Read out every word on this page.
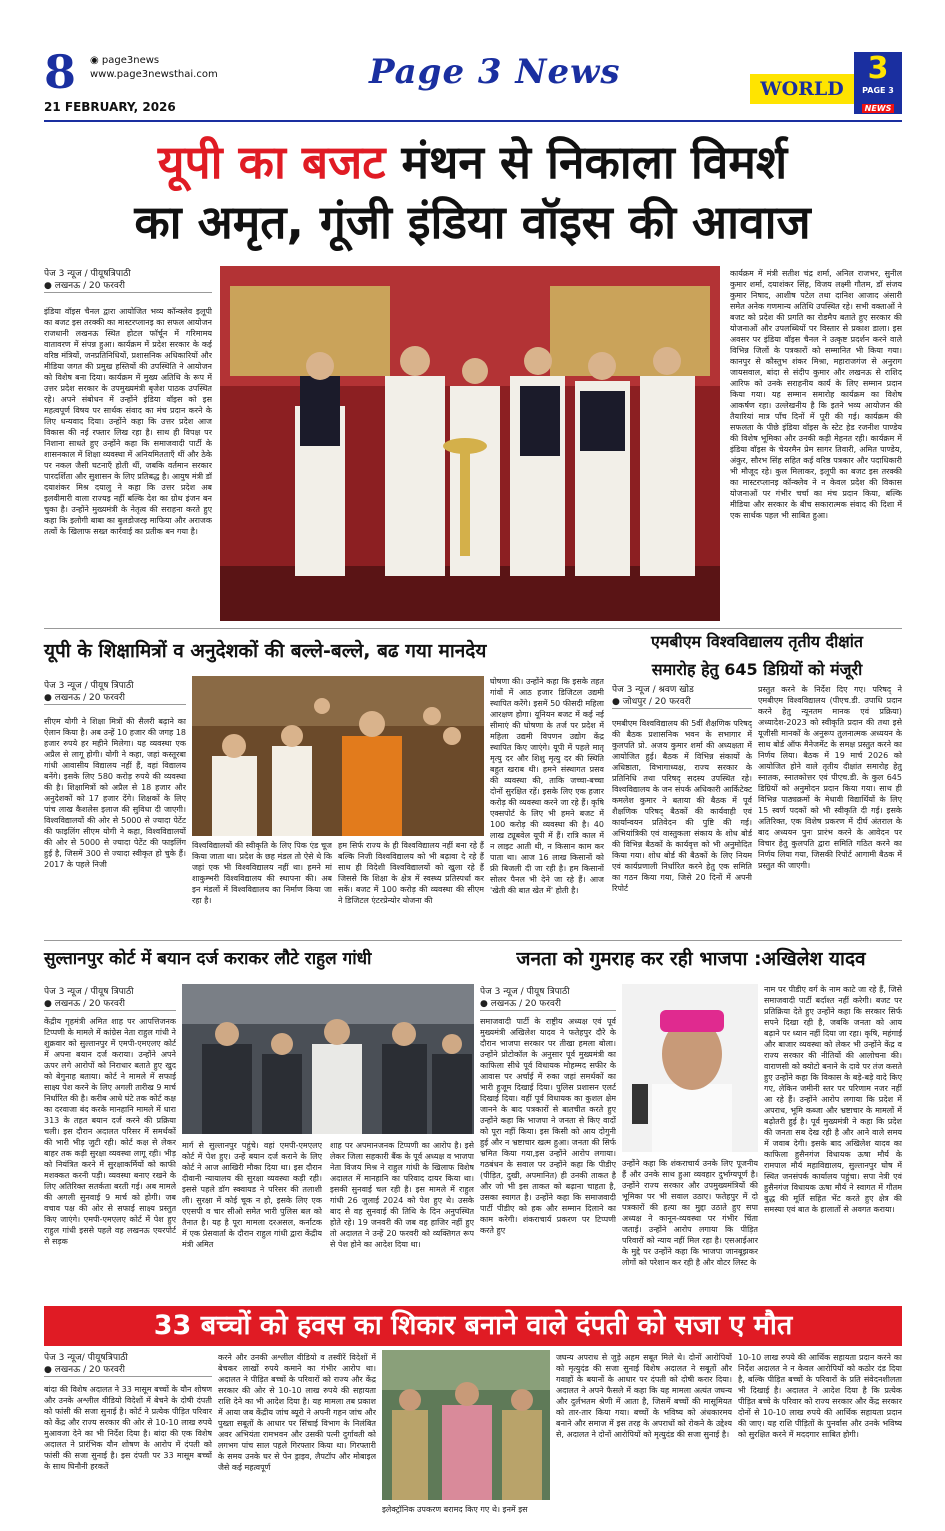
8 ◉ page3news
www.page3newsthai.com
21 FEBRUARY, 2026
Page 3 News	WORLD
3
PAGE 3
NEWS
यूपी का बजट मंथन से निकाला विमर्श
का अमृत, गूंजी इंडिया वॉइस की आवाज
पेज 3 न्यूज / पीयूषत्रिपाठी
● लखनऊ / 20 फरवरी
इंडिया वॉइस चैनल द्वारा आयोजित भव्य कॉन्क्लेव इलूपी का बजट इस तरक्की का मास्टरप्लानइ का सफल आयोजन राजधानी लखनऊ स्थित होटल फॉर्चून में गरिमामय वातावरण में संपन्न हुआ। कार्यक्रम में प्रदेश सरकार के कई वरिष्ठ मंत्रियों, जनप्रतिनिधियों, प्रशासनिक अधिकारियों और मीडिया जगत की प्रमुख हस्तियों की उपस्थिति ने आयोजन को विशेष बना दिया। कार्यक्रम में मुख्य अतिथि के रूप में उत्तर प्रदेश सरकार के उपमुख्यमंत्री बृजेश पाठक उपस्थित रहे। अपने संबोधन में उन्होंने इंडिया वॉइस को इस महत्वपूर्ण विषय पर सार्थक संवाद का मंच प्रदान करने के लिए धन्यवाद दिया। उन्होंने कहा कि उत्तर प्रदेश आज विकास की नई रफ्तार लिख रहा है। साथ ही विपक्ष पर निशाना साधते हुए उन्होंने कहा कि समाजवादी पार्टी के शासनकाल में शिक्षा व्यवस्था में अनियमितताएँ थीं और ठेके पर नकल जैसी घटनाएँ होती थीं, जबकि वर्तमान सरकार पारदर्शिता और सुशासन के लिए प्रतिबद्ध है। आयुष मंत्री डॉ दयाशंकर मिश्र दयालु ने कहा कि उत्तर प्रदेश अब इलवीमारी वाला राज्यइ नहीं बल्कि देश का ग्रोथ इंजन बन चुका है। उन्होंने मुख्यमंत्री के नेतृत्व की सराहना करते हुए कहा कि इलोगी बाबा का बुलडोजरइ माफिया और अराजक तत्वों के खिलाफ सख्त कार्रवाई का प्रतीक बन गया है।
कार्यक्रम में मंत्री सतीश चंद्र शर्मा, अनिल राजभर, सुनील कुमार शर्मा, दयाशंकर सिंह, विजय लक्ष्मी गौतम, डॉ संजय कुमार निषाद, आशीष पटेल तथा दानिश आजाद अंसारी समेत अनेक गणमान्य अतिथि उपस्थित रहे। सभी वक्ताओं ने बजट को प्रदेश की प्रगति का रोडमैप बताते हुए सरकार की योजनाओं और उपलब्धियों पर विस्तार से प्रकाश डाला। इस अवसर पर इंडिया वॉइस चैनल ने उत्कृष्ट प्रदर्शन करने वाले विभिन्न जिलों के पत्रकारों को सम्मानित भी किया गया। कानपुर से कौस्तुभ शंकर मिश्रा, महाराजगंज से अनुराग जायसवाल, बांदा से संदीप कुमार और लखनऊ से राशिद आरिफ को उनके सराहनीय कार्य के लिए सम्मान प्रदान किया गया। यह सम्मान समारोह कार्यक्रम का विशेष आकर्षण रहा। उल्लेखनीय है कि इतने भव्य आयोजन की तैयारियां मात्र पाँच दिनों में पूरी की गई। कार्यक्रम की सफलता के पीछे इंडिया वॉइस के स्टेट हेड रजनीश पाण्डेय की विशेष भूमिका और उनकी कड़ी मेहनत रही। कार्यक्रम में इंडिया वॉइस के चेयरमैन प्रेम सागर तिवारी, अमित पाण्डेय, अंकुर, सौरभ सिंह सहित कई वरिष्ठ पत्रकार और पदाधिकारी भी मौजूद रहे। कुल मिलाकर, इलूपी का बजट इस तरक्की का मास्टरप्लानइ कॉन्क्लेव ने न केवल प्रदेश की विकास योजनाओं पर गंभीर चर्चा का मंच प्रदान किया, बल्कि मीडिया और सरकार के बीच सकारात्मक संवाद की दिशा में एक सार्थक पहल भी साबित हुआ।
यूपी के शिक्षामित्रों व अनुदेशकों की बल्ले-बल्ले, बढ गया मानदेय
पेज 3 न्यूज / पीयूष त्रिपाठी
● लखनऊ / 20 फरवरी
सीएम योगी ने शिक्षा मित्रों की सैलरी बढ़ाने का ऐलान किया है। अब उन्हें 10 हजार की जगह 18 हजार रुपये हर महीने मिलेगा। यह व्यवस्था एक अप्रैल से लागू होगी। योगी ने कहा, जहां कस्तूरबा गांधी आवासीय विद्यालय नहीं हैं, वहां विद्यालय बनेंगे। इसके लिए 580 करोड़ रुपये की व्यवस्था की है। शिक्षामित्रों को अप्रैल से 18 हजार और अनुदेशकों को 17 हजार देंगे। शिक्षकों के लिए पांच लाख कैशलेस इलाज की सुविधा दी जाएगी। विश्वविद्यालयों की ओर से 5000 से ज्यादा पेटेंट की फाइलिंग सीएम योगी ने कहा, विश्वविद्यालयों की ओर से 5000 से ज्यादा पेटेंट की फाइलिंग हुई है, जिसमें 300 से ज्यादा स्वीकृत हो चुके हैं। 2017 के पहले निजी
विश्वविद्यालयों की स्वीकृति के लिए पिक एंड चूज किया जाता था। प्रदेश के छह मंडल तो ऐसे थे कि जहां एक भी विश्वविद्यालय नहीं था। हमने मां शाकुम्भरी विश्वविद्यालय की स्थापना की। अब इन मंडलों में विश्वविद्यालय का निर्माण किया जा रहा है।
हम सिर्फ राज्य के ही विश्वविद्यालय नहीं बना रहे हैं बल्कि निजी विश्वविद्यालय को भी बढ़ावा दे रहे हैं साथ ही विदेशी विश्वविद्यालयों को खुला रहे हैं जिससे कि शिक्षा के क्षेत्र में स्वस्थ्य प्रतिस्पर्धा कर सकें। बजट में 100 करोड़ की व्यवस्था की सीएम ने डिजिटल एंटरप्रेन्योर योजना की
घोषणा की। उन्होंने कहा कि इसके तहत गांवों में आठ हजार डिजिटल उद्यमी स्थापित करेंगे। इसमें 50 फीसदी महिला आरक्षण होगा। यूनियन बजट में कई नई सीमाएं की घोषणा के तर्ज पर प्रदेश में महिला उद्यमी विपणन उद्योग केंद्र स्थापित किए जाएंगे। यूपी में पहले मातृ मृत्यु दर और शिशु मृत्यु दर की स्थिति बहुत खराब थी। हमने संस्थागत प्रसव की व्यवस्था की, ताकि जच्चा-बच्चा दोनों सुरक्षित रहें। इसके लिए एक हजार करोड़ की व्यवस्था करने जा रहे हैं। कृषि एक्सपोर्ट के लिए भी हमने बजट में 100 करोड़ की व्यवस्था की है। 40 लाख ट्यूबवेल यूपी में हैं। रात्रि काल में न लाइट आती थी, न किसान काम कर पाता था। आज 16 लाख किसानों को फ्री बिजली दी जा रही है। हम किसानों सोलर पैनल भी देने जा रहे हैं। आज 'खेती की बात खेत में' होती है।
एमबीएम विश्वविद्यालय तृतीय दीक्षांत
समारोह हेतु 645 डिग्रियों को मंजूरी
पेज 3 न्यूज / श्रवण खोड
● जोधपुर / 20 फरवरी
एमबीएम विश्वविद्यालय की 5वीं शैक्षणिक परिषद् की बैठक प्रशासनिक भवन के सभागार में कुलपति प्रो. अजय कुमार शर्मा की अध्यक्षता में आयोजित हुई। बैठक में विभिन्न संकायों के अधिष्ठाता, विभागाध्यक्ष, राज्य सरकार के प्रतिनिधि तथा परिषद् सदस्य उपस्थित रहे। विश्वविद्यालय के जन संपर्क अधिकारी आर्किटेक्ट कमलेश कुमार ने बताया की बैठक में पूर्व शैक्षणिक परिषद् बैठकों की कार्यवाही एवं कार्यान्वयन प्रतिवेदन की पुष्टि की गई। अभियांत्रिकी एवं वास्तुकला संकाय के शोध बोर्ड की विभिन्न बैठकों के कार्यवृत्त को भी अनुमोदित किया गया। शोध बोर्ड की बैठकों के लिए नियम एवं कार्यप्रणाली निर्धारित करने हेतु एक समिति का गठन किया गया, जिसे 20 दिनों में अपनी रिपोर्ट
प्रस्तुत करने के निर्देश दिए गए। परिषद् ने एमबीएम विश्वविद्यालय (पीएच.डी. उपाधि प्रदान करने हेतु न्यूनतम मानक एवं प्रक्रिया) अध्यादेश-2023 को स्वीकृति प्रदान की तथा इसे यूजीसी मानकों के अनुरूप तुलनात्मक अध्ययन के साथ बोर्ड ऑफ मैनेजमेंट के समक्ष प्रस्तुत करने का निर्णय लिया। बैठक में 19 मार्च 2026 को आयोजित होने वाले तृतीय दीक्षांत समारोह हेतु स्नातक, स्नातकोत्तर एवं पीएच.डी. के कुल 645 डिग्रियों को अनुमोदन प्रदान किया गया। साथ ही विभिन्न पाठ्यक्रमों के मेधावी विद्यार्थियों के लिए 15 स्वर्ण पदकों को भी स्वीकृति दी गई। इसके अतिरिक्त, एक विशेष प्रकरण में दीर्घ अंतराल के बाद अध्ययन पुनः प्रारंभ करने के आवेदन पर विचार हेतु कुलपति द्वारा समिति गठित करने का निर्णय लिया गया, जिसकी रिपोर्ट आगामी बैठक में प्रस्तुत की जाएगी।
सुल्तानपुर कोर्ट में बयान दर्ज कराकर लौटे राहुल गांधी
पेज 3 न्यूज / पीयूष त्रिपाठी
● लखनऊ / 20 फरवरी
केंद्रीय गृहमंत्री अमित शाह पर आपत्तिजनक टिप्पणी के मामले में कांग्रेस नेता राहुल गांधी ने शुक्रवार को सुल्तानपुर में एमपी-एमएलए कोर्ट में अपना बयान दर्ज कराया। उन्होंने अपने ऊपर लगे आरोपों को निराधार बताते हुए खुद को बेगुनाह बताया। कोर्ट ने मामले में सफाई साक्ष्य पेश करने के लिए अगली तारीख 9 मार्च निर्धारित की है। करीब आधे घंटे तक कोर्ट कक्ष का दरवाजा बंद करके मानहानि मामले में धारा 313 के तहत बयान दर्ज करने की प्रक्रिया चली। इस दौरान अदालत परिसर में समर्थकों की भारी भीड़ जुटी रही। कोर्ट कक्ष से लेकर बाहर तक कड़ी सुरक्षा व्यवस्था लागू रही। भीड़ को नियंत्रित करने में सुरक्षाकर्मियों को काफी मशक्कत करनी पड़ी। व्यवस्था बनाए रखने के लिए अतिरिक्त सतर्कता बरती गई। अब मामले की अगली सुनवाई 9 मार्च को होगी। जब वचाव पक्ष की ओर से सफाई साक्ष्य प्रस्तुत किए जाएंगे। एमपी-एमएलए कोर्ट में पेश हुए राहुल गांधी इससे पहले वह लखनऊ एयरपोर्ट से सड़क
मार्ग से सुल्तानपुर पहुंचे। वहां एमपी-एमएलए कोर्ट में पेश हुए। उन्हें बयान दर्ज कराने के लिए कोर्ट ने आज आखिरी मौका दिया था। इस दौरान दीवानी न्यायालय की सुरक्षा व्यवस्था कड़ी रही। इससे पहले डॉग स्क्वायड ने परिसर की तलाशी ली। सुरक्षा में कोई चूक न हो, इसके लिए एक एएसपी व चार सीओ समेत भारी पुलिस बल को तैनात है। यह है पूरा मामला दरअसल, कर्नाटक में एक प्रेसवार्ता के दौरान राहुल गांधी द्वारा केंद्रीय मंत्री अमित
शाह पर अपमानजनक टिप्पणी का आरोप है। इसे लेकर जिला सहकारी बैंक के पूर्व अध्यक्ष व भाजपा नेता विजय मिश्र ने राहुल गांधी के खिलाफ विशेष अदालत में मानहानि का परिवाद दायर किया था। इसकी सुनवाई चल रही है। इस मामले में राहुल गांधी 26 जुलाई 2024 को पेश हुए थे। उसके बाद से वह सुनवाई की तिथि के दिन अनुपस्थित होते रहे। 19 जनवरी की जब वह हाजिर नहीं हुए तो अदालत ने उन्हें 20 फरवरी को व्यक्तिगत रूप से पेश होने का आदेश दिया था।
जनता को गुमराह कर रही भाजपा :अखिलेश यादव
पेज 3 न्यूज / पीयूष त्रिपाठी
● लखनऊ / 20 फरवरी
समाजवादी पार्टी के राष्ट्रीय अध्यक्ष एवं पूर्व मुख्यमंत्री अखिलेश यादव ने फतेहपुर दौरे के दौरान भाजपा सरकार पर तीखा हमला बोला। उन्होंने प्रोटोकॉल के अनुसार पूर्व मुख्यमंत्री का काफिला सीधे पूर्व विधायक मोहम्मद सफीर के आवास पर अर्चाई में रुका जहां समर्थकों का भारी हुजूम दिखाई दिया। पुलिस प्रशासन एलर्ट दिखाई दिया। वहीं पूर्व विधायक का कुशल क्षेम जानने के बाद पत्रकारों से बातचीत करते हुए उन्होंने कहा कि भाजपा ने जनता से किए वादों को पूरा नहीं किया। इस किसी को आय दोगुनी हुई और न भ्रष्टाचार खत्म हुआ। जनता की सिर्फ भ्रमित किया गया,इस उन्होंने आरोप लगाया। गठबंधन के सवाल पर उन्होंने कहा कि पीडीए (पीड़ित, दुखी, अपमानित) ही उनकी ताकत है और जो भी इस ताकत को बढ़ाना चाहता है, उसका स्वागत है। उन्होंने कहा कि समाजवादी पार्टी पीडीए को हक और सम्मान दिलाने का काम करेगी। शंकराचार्य प्रकरण पर टिप्पणी करते हुए
उन्होंने कहा कि शंकराचार्य उनके लिए पूजनीय हैं और उनके साथ हुआ व्यवहार दुर्भाग्यपूर्ण है। उन्होंने राज्य सरकार और उपमुख्यमंत्रियों की भूमिका पर भी सवाल उठाए। फतेहपुर में दो पत्रकारों की हत्या का मुद्दा उठाते हुए सपा अध्यक्ष ने कानून-व्यवस्था पर गंभीर चिंता जताई। उन्होंने आरोप लगाया कि पीड़ित परिवारों को न्याय नहीं मिल रहा है। एसआईआर के मुद्दे पर उन्होंने कहा कि भाजपा जानबूझकर लोगों को परेशान कर रही है और वोटर लिस्ट के
नाम पर पीडीए वर्ग के नाम काटे जा रहे हैं, जिसे समाजवादी पार्टी बर्दाश्त नहीं करेगी। बजट पर प्रतिक्रिया देते हुए उन्होंने कहा कि सरकार सिर्फ सपने दिखा रही है, जबकि जनता को आय बढ़ाने पर ध्यान नहीं दिया जा रहा। कृषि, महंगाई और बाजार व्यवस्था को लेकर भी उन्होंने केंद्र व राज्य सरकार की नीतियों की आलोचना की। वाराणसी को क्योटो बनाने के दावे पर तंज कसते हुए उन्होंने कहा कि विकास के बड़े-बड़े वादे किए गए, लेकिन जमीनी स्तर पर परिणाम नजर नहीं आ रहे हैं। उन्होंने आरोप लगाया कि प्रदेश में अपराध, भूमि कब्जा और भ्रष्टाचार के मामलों में बढ़ोतरी हुई है। पूर्व मुख्यमंत्री ने कहा कि प्रदेश की जनता सब देख रही है और आने वाले समय में जवाब देगी। इसके बाद अखिलेश यादव का काफिला हुसैनगंज विधायक ऊषा मौर्य के रामपाल मौर्य महाविद्यालय, सुल्तानपुर घोष में स्थित जनसंपर्क कार्यालय पहुंचा। सपा नेत्री एवं हुसैनगंज विधायक ऊषा मौर्य ने स्वागत में गौतम बुद्ध की मूर्ति सहित भेंट करते हुए क्षेत्र की समस्या एवं बात के हालातों से अवगत कराया।
33 बच्चों को हवस का शिकार बनाने वाले दंपती को सजा ए मौत
पेज 3 न्यूज/ पीयूषत्रिपाठी
● लखनऊ / 20 फरवरी
बांदा की विशेष अदालत ने 33 मासूम बच्चों के यौन शोषण और उनके अश्लील वीडियो विदेशों में बेचने के दोषी दंपती को फांसी की सजा सुनाई है। कोर्ट ने प्रत्येक पीड़ित परिवार को केंद्र और राज्य सरकार की ओर से 10-10 लाख रुपये मुआवजा देने का भी निर्देश दिया है। बांदा की एक विशेष अदालत ने प्रारंभिक यौन शोषण के आरोप में दंपती को फांसी की सजा सुनाई है। इस दंपती पर 33 मासूम बच्चों के साथ घिनौनी हरकतें
करने और उनकी अश्लील वीडियो व तस्वीरें विदेशों में बेचकर लाखों रुपये कमाने का गंभीर आरोप था। अदालत ने पीड़ित बच्चों के परिवारों को राज्य और केंद्र सरकार की ओर से 10-10 लाख रुपये की सहायता राशि देने का भी आदेश दिया है। यह मामला तब प्रकाश में आया जब केंद्रीय जांच ब्यूरो ने अपनी गहन जांच और पुख्ता सबूतों के आधार पर सिंचाई विभाग के निलंबित अवर अभियंता रामभवन और उसकी पत्नी दुर्गावती को लगभग पांच साल पहले गिरफ्तार किया था। गिरफ्तारी के समय उनके घर से पेन ड्राइव, लैपटॉप और मोबाइल जैसे कई महत्वपूर्ण
इलेक्ट्रॉनिक उपकरण बरामद किए गए थे। इनमें इस
जघन्य अपराध से जुड़े अहम सबूत मिले थे। दोनों आरोपियों को मृत्युदंड की सजा सुनाई विशेष अदालत ने सबूतों और गवाहों के बयानों के आधार पर दंपती को दोषी करार दिया। अदालत ने अपने फैसले में कहा कि यह मामला अत्यंत जघन्य और दुर्लभतम श्रेणी में आता है, जिसमें बच्चों की मासूमियत को तार-तार किया गया। बच्चों के भविष्य को अंधकारमय बनाने और समाज में इस तरह के अपराधों को रोकने के उद्देश्य से, अदालत ने दोनों आरोपियों को मृत्युदंड की सजा सुनाई है।
10-10 लाख रुपये की आर्थिक सहायता प्रदान करने का निर्देश अदालत ने न केवल आरोपियों को कठोर दंड दिया है, बल्कि पीड़ित बच्चों के परिवारों के प्रति संवेदनशीलता भी दिखाई है। अदालत ने आदेश दिया है कि प्रत्येक पीड़ित बच्चे के परिवार को राज्य सरकार और केंद्र सरकार दोनों से 10-10 लाख रुपये की आर्थिक सहायता प्रदान की जाए। यह राशि पीड़ितों के पुनर्वास और उनके भविष्य को सुरक्षित करने में मददगार साबित होगी।
